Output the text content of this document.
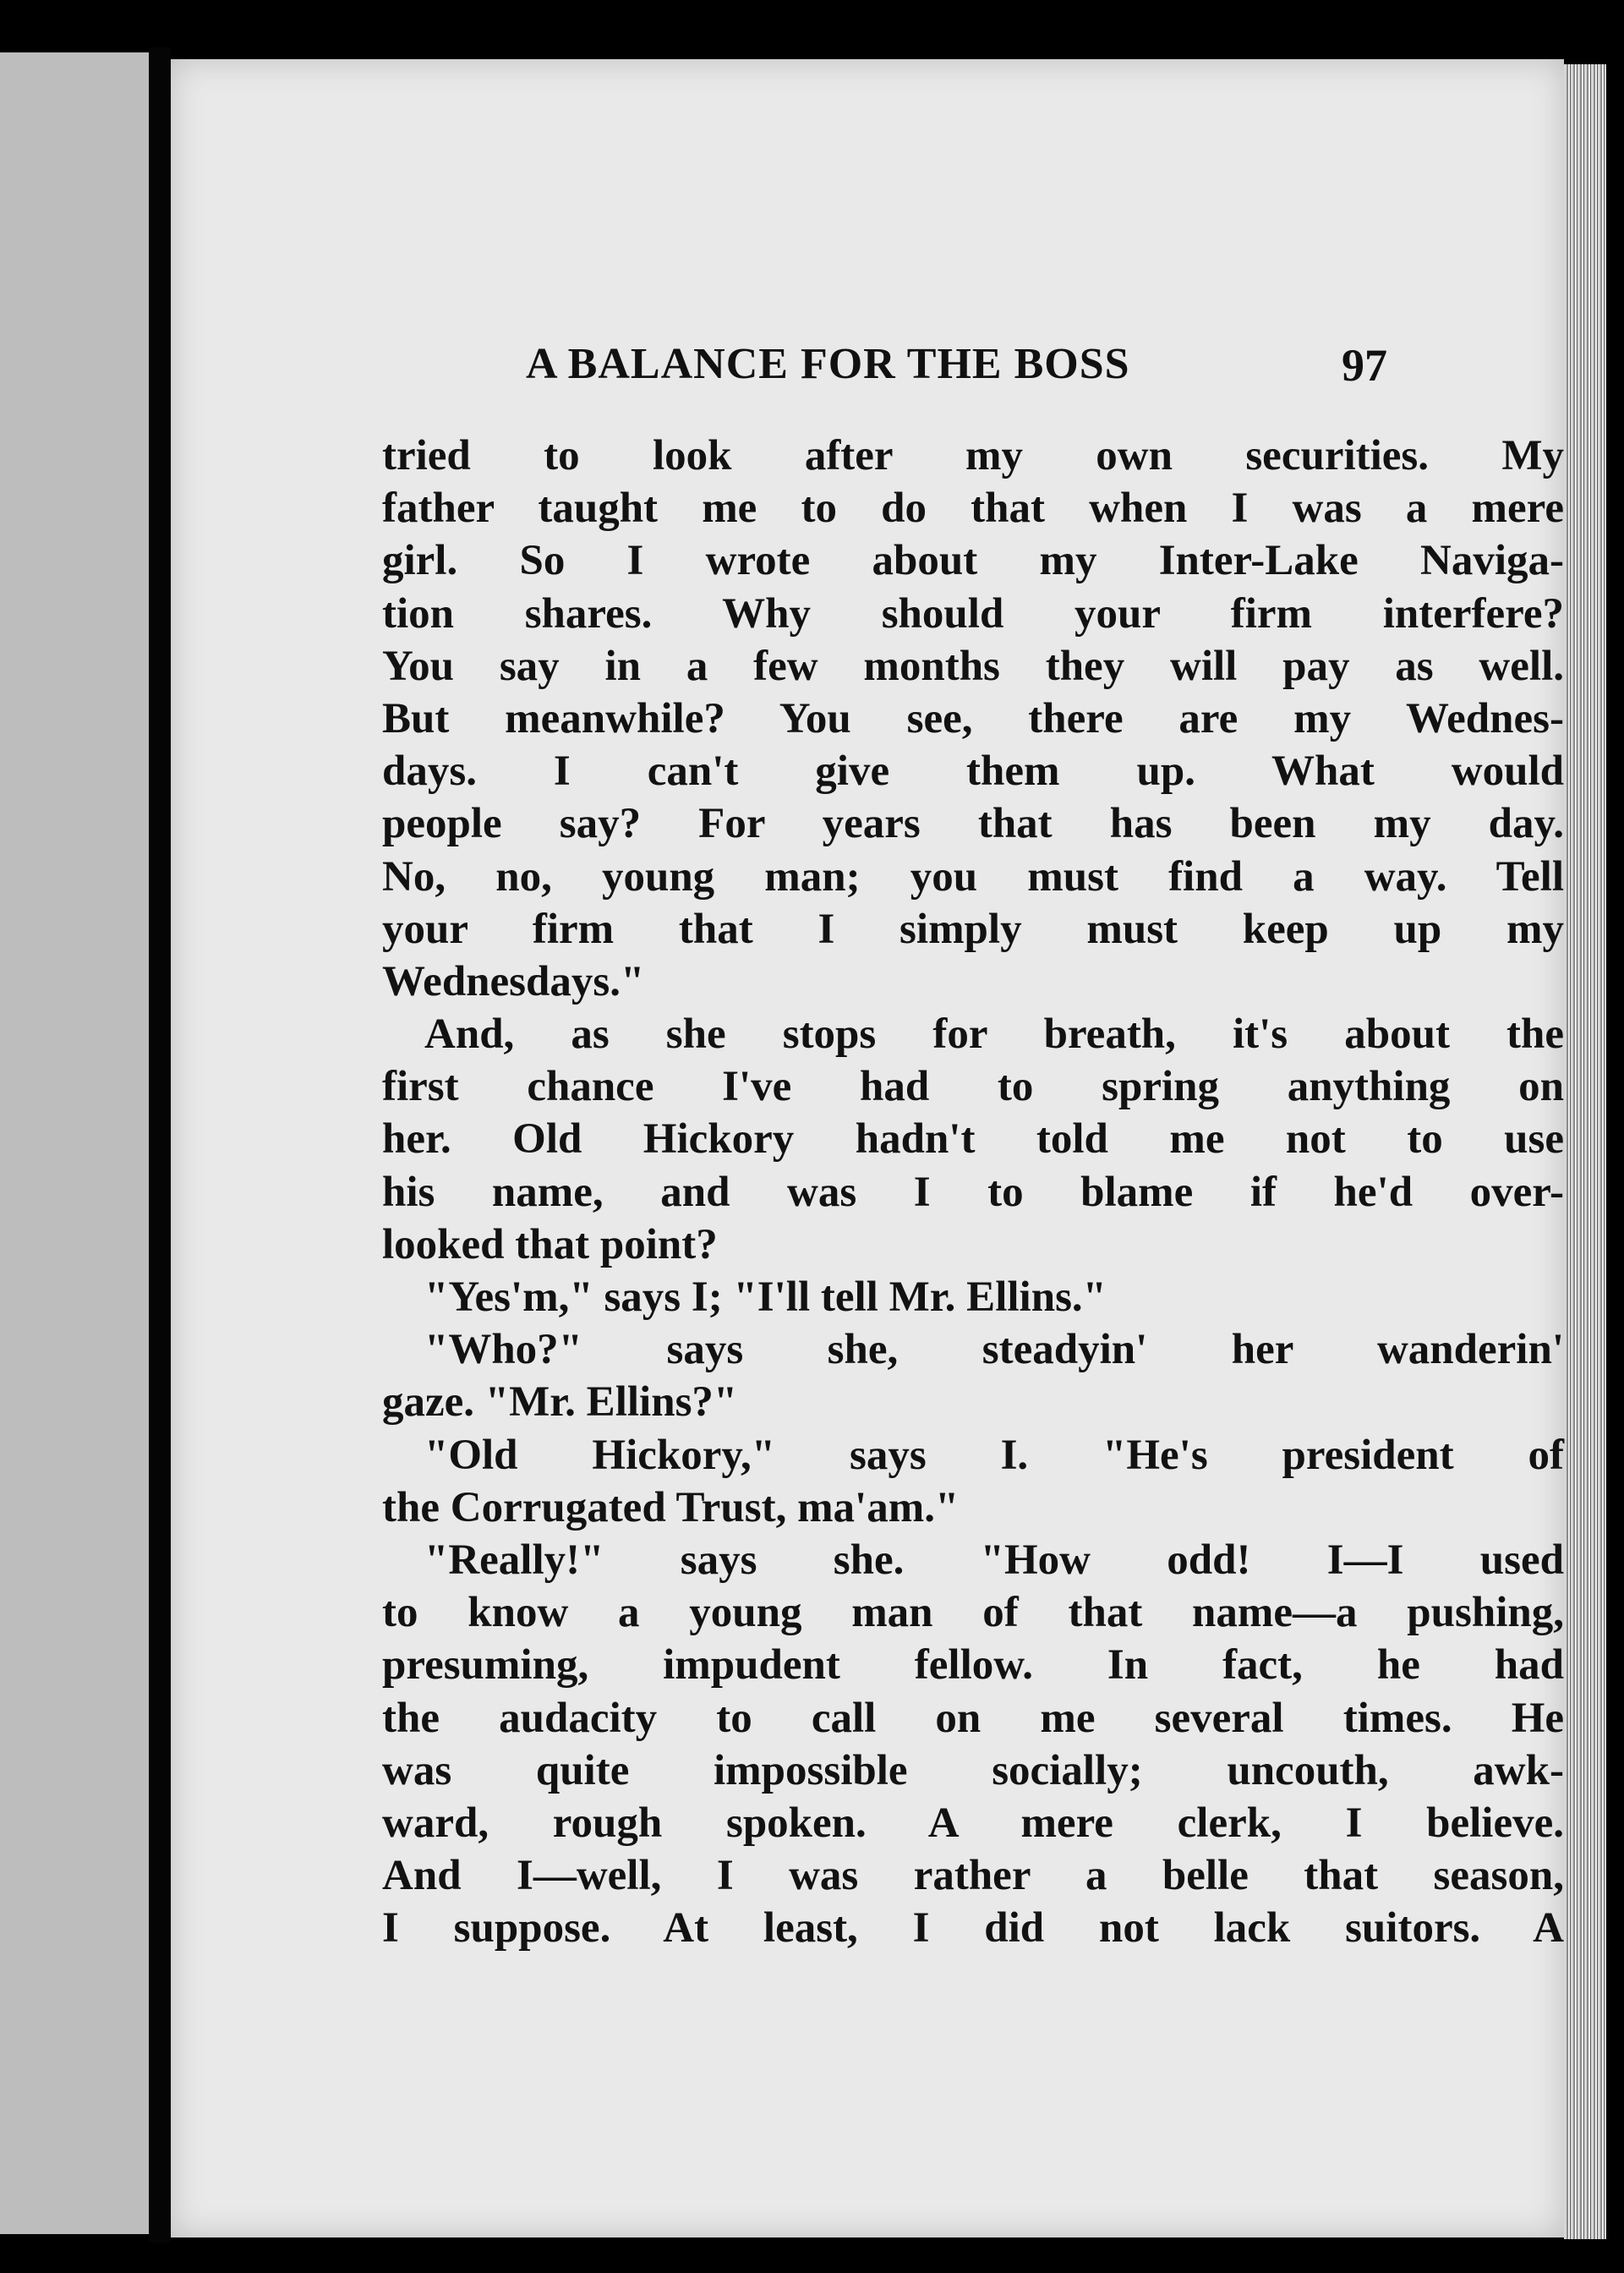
A BALANCE FOR THE BOSS	97
tried to look after my own securities. My
father taught me to do that when I was a mere
girl. So I wrote about my Inter-Lake Naviga-
tion shares. Why should your firm interfere?
You say in a few months they will pay as well.
But meanwhile? You see, there are my Wednes-
days. I can't give them up. What would
people say? For years that has been my day.
No, no, young man; you must find a way. Tell
your firm that I simply must keep up my
Wednesdays."
And, as she stops for breath, it's about the
first chance I've had to spring anything on
her. Old Hickory hadn't told me not to use
his name, and was I to blame if he'd over-
looked that point?
"Yes'm," says I; "I'll tell Mr. Ellins."
"Who?" says she, steadyin' her wanderin'
gaze. "Mr. Ellins?"
"Old Hickory," says I. "He's president of
the Corrugated Trust, ma'am."
"Really!" says she. "How odd! I—I used
to know a young man of that name—a pushing,
presuming, impudent fellow. In fact, he had
the audacity to call on me several times. He
was quite impossible socially; uncouth, awk-
ward, rough spoken. A mere clerk, I believe.
And I—well, I was rather a belle that season,
I suppose. At least, I did not lack suitors. A
